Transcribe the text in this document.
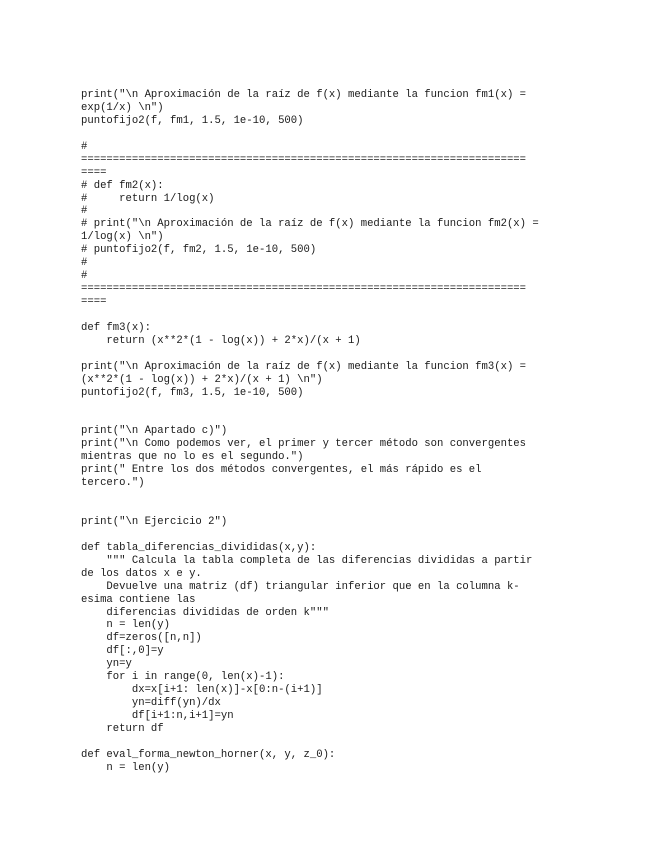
print("\n Aproximación de la raíz de f(x) mediante la funcion fm1(x) =
exp(1/x) \n")
puntofijo2(f, fm1, 1.5, 1e-10, 500)

#
======================================================================
====
# def fm2(x):
#     return 1/log(x)
#
# print("\n Aproximación de la raíz de f(x) mediante la funcion fm2(x) =
1/log(x) \n")
# puntofijo2(f, fm2, 1.5, 1e-10, 500)
#
#
======================================================================
====

def fm3(x):
return (x**2*(1 - log(x)) + 2*x)/(x + 1)

print("\n Aproximación de la raíz de f(x) mediante la funcion fm3(x) =
(x**2*(1 - log(x)) + 2*x)/(x + 1) \n")
puntofijo2(f, fm3, 1.5, 1e-10, 500)

print("\n Apartado c)")
print("\n Como podemos ver, el primer y tercer método son convergentes
mientras que no lo es el segundo.")
print(" Entre los dos métodos convergentes, el más rápido es el
tercero.")

print("\n Ejercicio 2")

def tabla_diferencias_divididas(x,y):
""" Calcula la tabla completa de las diferencias divididas a partir
de los datos x e y.
Devuelve una matriz (df) triangular inferior que en la columna k-
esima contiene las
diferencias divididas de orden k"""
n = len(y)
df=zeros([n,n])
df[:,0]=y
yn=y
for i in range(0, len(x)-1):
dx=x[i+1: len(x)]-x[0:n-(i+1)]
yn=diff(yn)/dx
df[i+1:n,i+1]=yn
return df

def eval_forma_newton_horner(x, y, z_0):
n = len(y)
